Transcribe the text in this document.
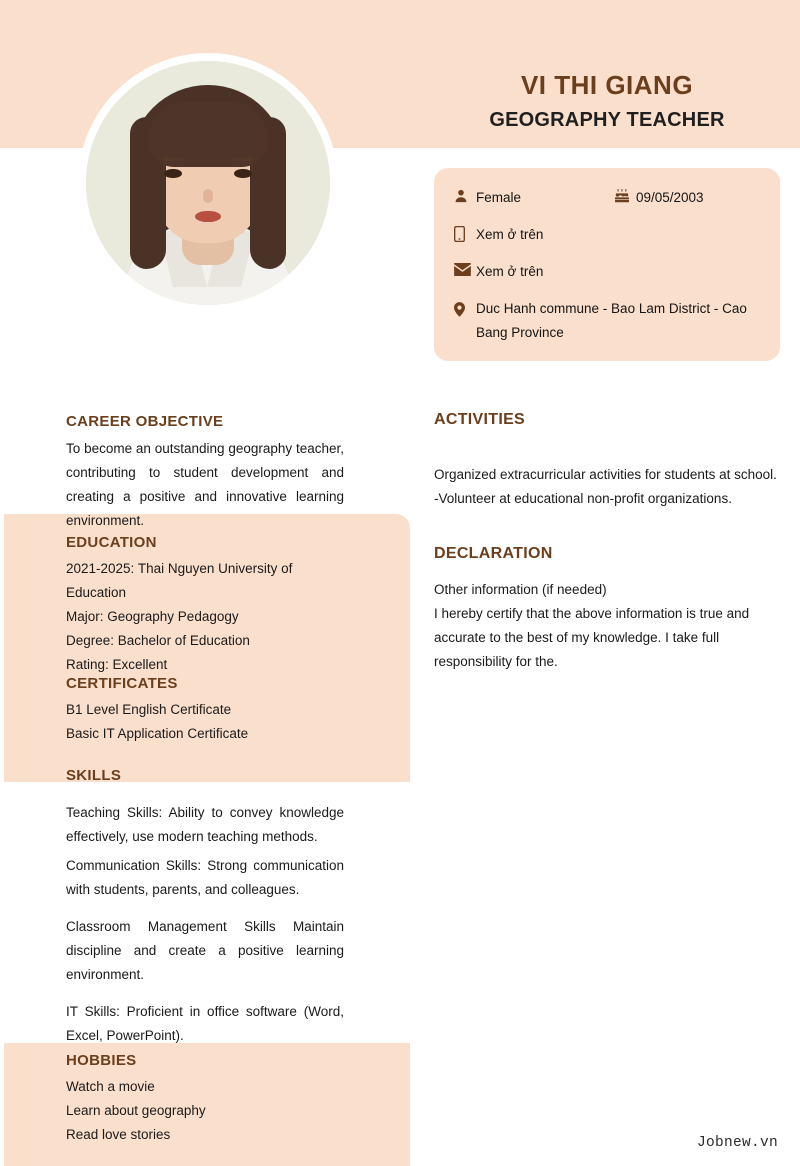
VI THI GIANG
GEOGRAPHY TEACHER
Female	09/05/2003
Xem ở trên
Xem ở trên
Duc Hanh commune - Bao Lam District - Cao Bang Province
CAREER OBJECTIVE
To become an outstanding geography teacher, contributing to student development and creating a positive and innovative learning environment.
EDUCATION
2021-2025: Thai Nguyen University of Education
Major: Geography Pedagogy
Degree: Bachelor of Education
Rating: Excellent
CERTIFICATES
B1 Level English Certificate
Basic IT Application Certificate
SKILLS
Teaching Skills: Ability to convey knowledge effectively, use modern teaching methods.
Communication Skills: Strong communication with students, parents, and colleagues.
Classroom Management Skills Maintain discipline and create a positive learning environment.
IT Skills: Proficient in office software (Word, Excel, PowerPoint).
HOBBIES
Watch a movie
Learn about geography
Read love stories
ACTIVITIES
Organized extracurricular activities for students at school.
-Volunteer at educational non-profit organizations.
DECLARATION
Other information (if needed)
I hereby certify that the above information is true and accurate to the best of my knowledge. I take full responsibility for the.
Jobnew.vn
